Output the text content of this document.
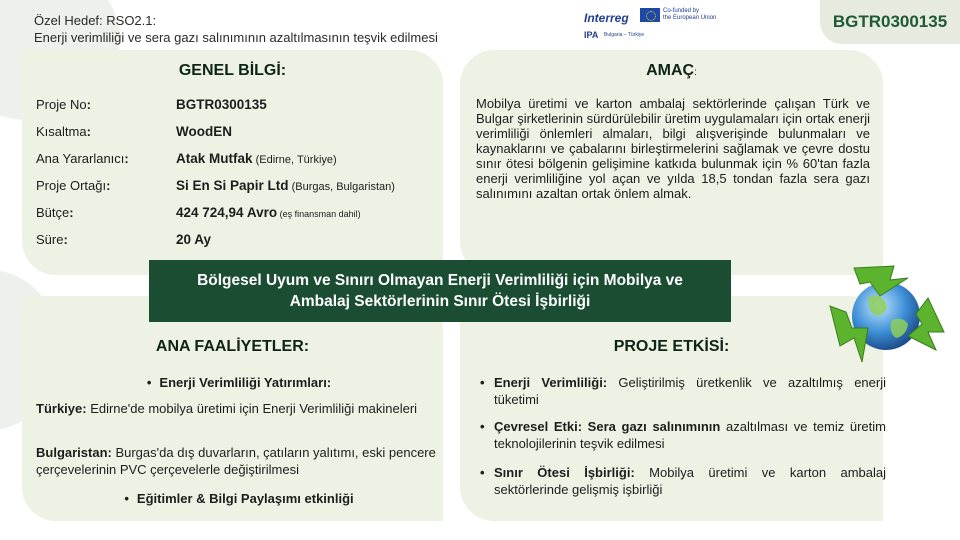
Özel Hedef: RSO2.1:
Enerji verimliliği ve sera gazı salınımının azaltılmasının teşvik edilmesi
Interreg	Co-funded by
the European Union
IPA Bulgaria – Türkiye
BGTR0300135
GENEL BİLGİ:
Proje No:	BGTR0300135
Kısaltma:	WoodEN
Ana Yararlanıcı:	Atak Mutfak (Edirne, Türkiye)
Proje Ortağı:	Si En Si Papir Ltd (Burgas, Bulgaristan)
Bütçe:	424 724,94 Avro (eş finansman dahil)
Süre:	20 Ay
AMAÇ:
Mobilya üretimi ve karton ambalaj sektörlerinde çalışan Türk ve Bulgar şirketlerinin sürdürülebilir üretim uygulamaları için ortak enerji verimliliği önlemleri almaları, bilgi alışverişinde bulunmaları ve kaynaklarını ve çabalarını birleştirmelerini sağlamak ve çevre dostu sınır ötesi bölgenin gelişimine katkıda bulunmak için % 60'tan fazla enerji verimliliğine yol açan ve yılda 18,5 tondan fazla sera gazı salınımını azaltan ortak önlem almak.
ANA FAALİYETLER:
• Enerji Verimliliği Yatırımları:
Türkiye: Edirne'de mobilya üretimi için Enerji Verimliliği makineleri
Bulgaristan: Burgas'da dış duvarların, çatıların yalıtımı, eski pencere çerçevelerinin PVC çerçevelerle değiştirilmesi
• Eğitimler & Bilgi Paylaşımı etkinliği
PROJE ETKİSİ:
• Enerji Verimliliği: Geliştirilmiş üretkenlik ve azaltılmış enerji tüketimi
• Çevresel Etki: Sera gazı salınımının azaltılması ve temiz üretim teknolojilerinin teşvik edilmesi
• Sınır Ötesi İşbirliği: Mobilya üretimi ve karton ambalaj sektörlerinde gelişmiş işbirliği
Bölgesel Uyum ve Sınırı Olmayan Enerji Verimliliği için Mobilya ve
Ambalaj Sektörlerinin Sınır Ötesi İşbirliği
